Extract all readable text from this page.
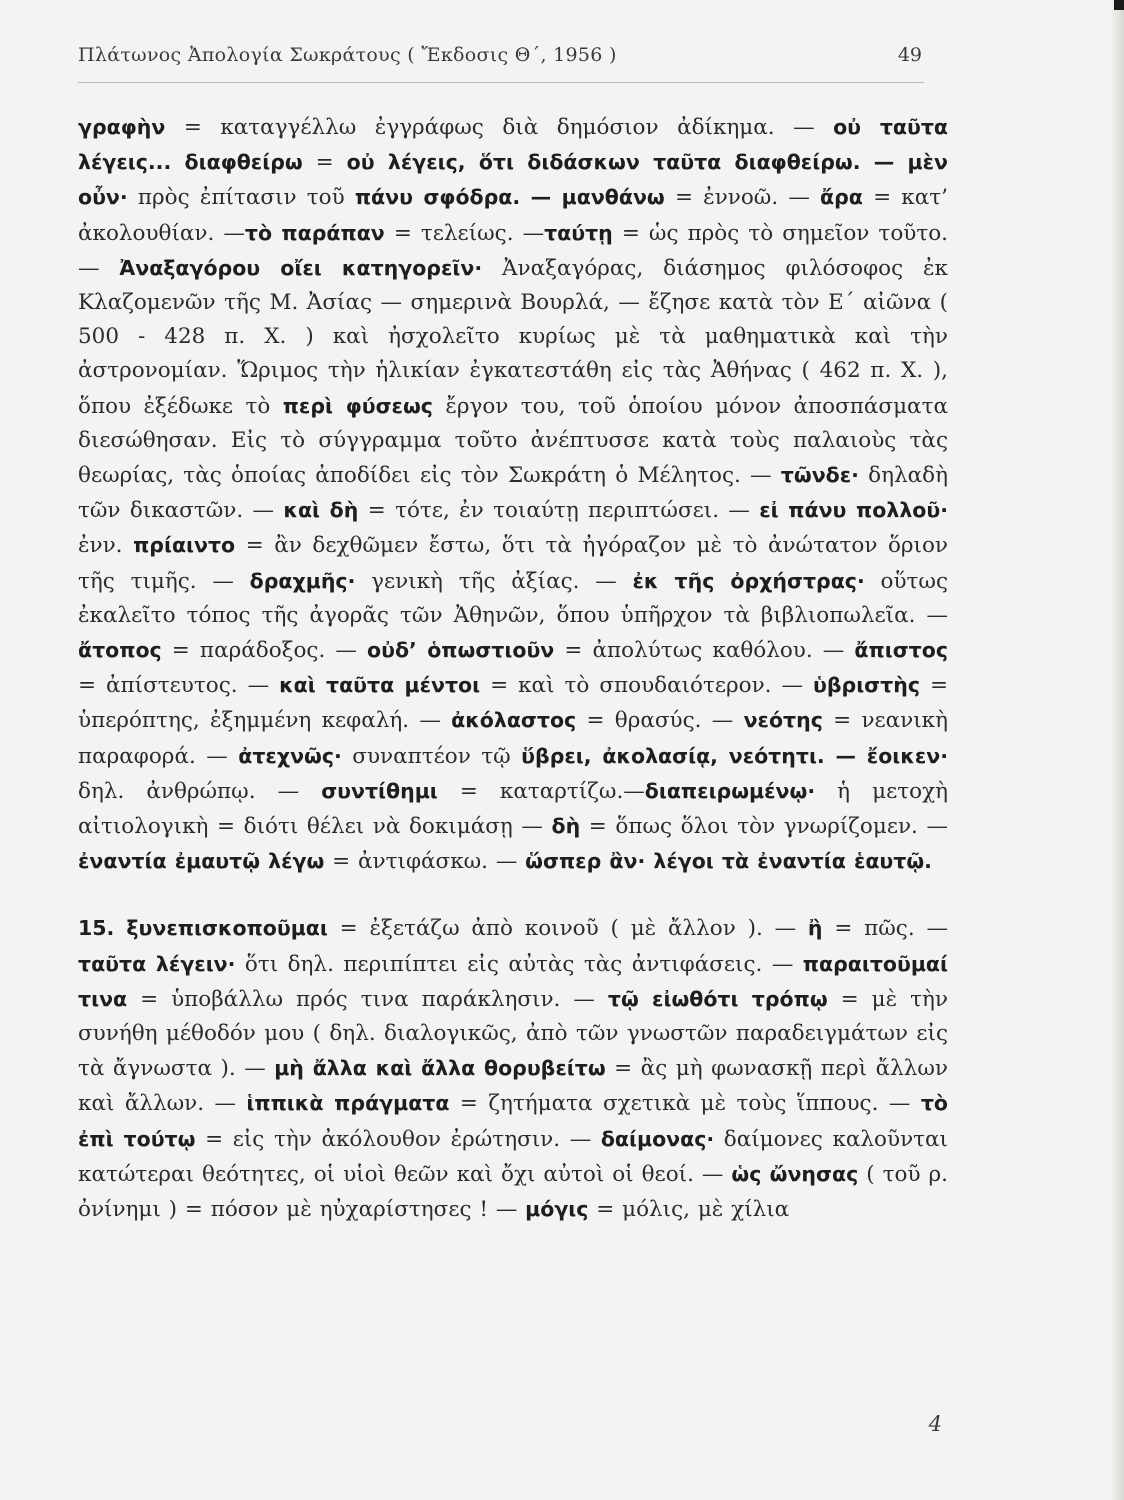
Πλάτωνος Ἀπολογία Σωκράτους ( Ἔκδοσις Θ΄, 1956 )	49

γραφὴν = καταγγέλλω ἐγγράφως διὰ δημόσιον ἀδίκημα. — οὐ ταῦτα λέγεις... διαφθείρω = οὐ λέγεις, ὅτι διδάσκων ταῦτα διαφθείρω. — μὲν οὖν· πρὸς ἐπίτασιν τοῦ πάνυ σφόδρα. — μανθάνω = ἐννοῶ. — ἄρα = κατ’ ἀκολουθίαν. —τὸ παράπαν = τελείως. —ταύτῃ = ὡς πρὸς τὸ σημεῖον τοῦτο. — Ἀναξαγόρου οἴει κατηγορεῖν· Ἀναξαγόρας, διάσημος φιλόσοφος ἐκ Κλαζομενῶν τῆς Μ. Ἀσίας — σημερινὰ Βουρλά, — ἔζησε κατὰ τὸν Ε΄ αἰῶνα ( 500 - 428 π. Χ. ) καὶ ἠσχολεῖτο κυρίως μὲ τὰ μαθηματικὰ καὶ τὴν ἀστρονομίαν. Ὥριμος τὴν ἡλικίαν ἐγκατεστάθη εἰς τὰς Ἀθήνας ( 462 π. Χ. ), ὅπου ἐξέδωκε τὸ περὶ φύσεως ἔργον του, τοῦ ὁποίου μόνον ἀποσπάσματα διεσώθησαν. Εἰς τὸ σύγγραμμα τοῦτο ἀνέπτυσσε κατὰ τοὺς παλαιοὺς τὰς θεωρίας, τὰς ὁποίας ἀποδίδει εἰς τὸν Σωκράτη ὁ Μέλητος. — τῶνδε· δηλαδὴ τῶν δικαστῶν. — καὶ δὴ = τότε, ἐν τοιαύτῃ περιπτώσει. — εἰ πάνυ πολλοῦ· ἐνν. πρίαιντο = ἂν δεχθῶμεν ἔστω, ὅτι τὰ ἠγόραζον μὲ τὸ ἀνώτατον ὅριον τῆς τιμῆς. — δραχμῆς· γενικὴ τῆς ἀξίας. — ἐκ τῆς ὀρχήστρας· οὕτως ἐκαλεῖτο τόπος τῆς ἀγορᾶς τῶν Ἀθηνῶν, ὅπου ὑπῆρχον τὰ βιβλιοπωλεῖα. — ἄτοπος = παράδοξος. — οὐδ’ ὁπωστιοῦν = ἀπολύτως καθόλου. — ἄπιστος = ἀπίστευτος. — καὶ ταῦτα μέντοι = καὶ τὸ σπουδαιότερον. — ὑβριστὴς = ὑπερόπτης, ἐξημμένη κεφαλή. — ἀκόλαστος = θρασύς. — νεότης = νεανικὴ παραφορά. — ἀτεχνῶς· συναπτέον τῷ ὕβρει, ἀκολασίᾳ, νεότητι. — ἔοικεν· δηλ. ἀνθρώπῳ. — συντίθημι = καταρτίζω.—διαπειρωμένῳ· ἡ μετοχὴ αἰτιολογικὴ = διότι θέλει νὰ δοκιμάσῃ — δὴ = ὅπως ὅλοι τὸν γνωρίζομεν. — ἐναντία ἐμαυτῷ λέγω = ἀντιφάσκω. — ὥσπερ ἂν· λέγοι τὰ ἐναντία ἑαυτῷ.

15. ξυνεπισκοποῦμαι = ἐξετάζω ἀπὸ κοινοῦ ( μὲ ἄλλον ). — ἢ = πῶς. — ταῦτα λέγειν· ὅτι δηλ. περιπίπτει εἰς αὐτὰς τὰς ἀντιφάσεις. — παραιτοῦμαί τινα = ὑποβάλλω πρός τινα παράκλησιν. — τῷ εἰωθότι τρόπῳ = μὲ τὴν συνήθη μέθοδόν μου ( δηλ. διαλογικῶς, ἀπὸ τῶν γνωστῶν παραδειγμάτων εἰς τὰ ἄγνωστα ). — μὴ ἄλλα καὶ ἄλλα θορυβείτω = ἂς μὴ φωνασκῇ περὶ ἄλλων καὶ ἄλλων. — ἱππικὰ πράγματα = ζητήματα σχετικὰ μὲ τοὺς ἵππους. — τὸ ἐπὶ τούτῳ = εἰς τὴν ἀκόλουθον ἐρώτησιν. — δαίμονας· δαίμονες καλοῦνται κατώτεραι θεότητες, οἱ υἱοὶ θεῶν καὶ ὄχι αὐτοὶ οἱ θεοί. — ὡς ὤνησας ( τοῦ ρ. ὀνίνημι ) = πόσον μὲ ηὐχαρίστησες ! — μόγις = μόλις, μὲ χίλια

4
